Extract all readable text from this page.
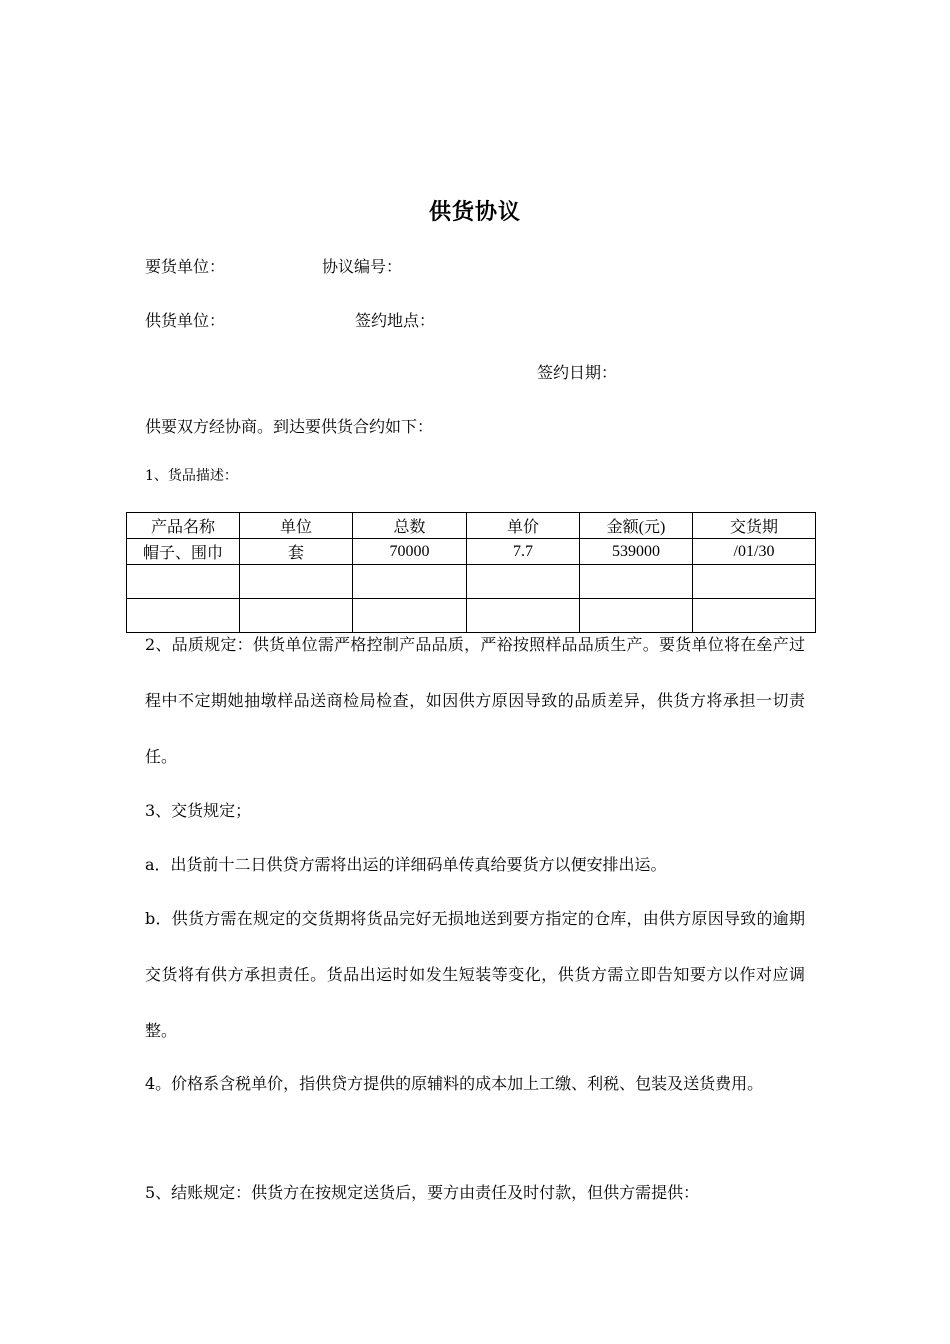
供货协议
要货单位：	协议编号：
供货单位：	签约地点：
签约日期：
供要双方经协商。到达要供货合约如下：
1、货品描述：
产品名称	单位	总数	单价	金额(元)	交货期
帽子、围巾	套	70000	7.7	539000	/01/30

2、品质规定：供货单位需严格控制产品品质，严裕按照样品品质生产。要货单位将在垒产过程中不定期她抽墩样品送商检局检查，如因供方原因导致的品质差异，供货方将承担一切责任。
3、交货规定；
a．出货前十二日供贷方需将出运的详细码单传真给要货方以便安排出运。
b．供货方需在规定的交货期将货品完好无损地送到要方指定的仓库，由供方原因导致的逾期交货将有供方承担责任。货品出运时如发生短装等变化，供货方需立即告知要方以作对应调整。
4。价格系含税单价，指供贷方提供的原辅料的成本加上工缴、利税、包装及送货费用。
5、结账规定：供货方在按规定送货后，要方由责任及时付款，但供方需提供：
